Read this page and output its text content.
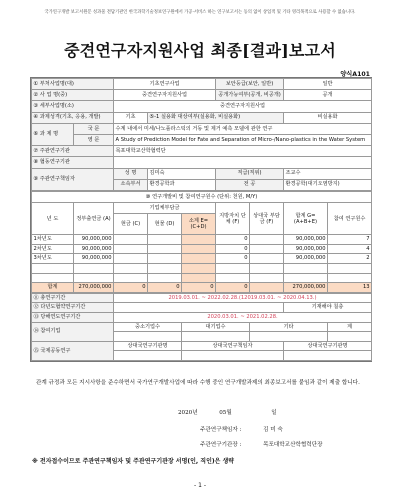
국가연구개발 보고서원문 성과물 전담기관인 한국과학기술정보연구원에서 가공·서비스 하는 연구보고서는 동의 없이 상업적 및 기타 영리목적으로 사용할 수 없습니다.
중견연구자지원사업 최종[결과]보고서
양식A101
① 부처사업명(대)		기초연구사업		보안등급(보안, 일반)	일반
② 사 업 명(중)		중견연구자지원사업		공개가능여부(공개, 비공개)	공개
③ 세부사업명(소)		중견연구자지원사업			
④ 과제성격(기초, 응용, 개발)		기초	⑤-1 실용화 대상여부(실용화, 비실용화)		비실용화
⑥ 과 제 명	국 문	수계 내에서 미세/나노플라스틱의 거동 및 제거 예측 모델에 관한 연구			
	영 문	A Study of Prediction Model for Fate and Separation of Micro-/Nano-plastics in the Water System			
⑦ 주관연구기관		목포대학교산학협력단			
⑧ 협동연구기관					
⑨ 주관연구책임자		성 명	김미숙	직급(직위)	조교수
		소속부서	환경공학과	전 공	환경공학(대기오염방지)
⑩ 연구개발비 및 참여연구원수 (단위: 천원, M/Y)								
년 도	정부출연금 (A)	기업체부담금			지방자치 단체 (F)	상대국 부담금 (F)	합계 G=(A+B+E)	참여 연구원수
		현금 (C)	현물 (D)	소계 E=(C+D)				
1차년도	90,000,000				0		90,000,000	7
2차년도	90,000,000				0		90,000,000	4
3차년도	90,000,000				0		90,000,000	2

합계	270,000,000	0	0	0	0		270,000,000	13
⑪ 총연구기간	2019.03.01. ~ 2022.02.28.(12019.03.01. ~ 2020.04.13.)				
⑫ 다년도협약연구기간				기재해야 칠층	
⑬ 당해연도연구기간	2020.03.01. ~ 2021.02.28.				
⑭ 참여기업	중소기업수	대기업수	기타		계

⑮ 국제공동연구	상대국연구기관명	상대국연구책임자		상대국연구기관명	

관계 규정과 모든 지시사항을 준수하면서 국가연구개발사업에 따라 수행 중인 연구개발과제의 최종보고서를 붙임과 같이 제출 합니다.
2020년	05월	일
주관연구책임자 :	김 미 숙
주관연구기관장 :	목포대학교산학협력단장
※ 전자접수이므로 주관연구책임자 및 주관연구기관장 서명(인, 직인)은 생략
- 1 -
